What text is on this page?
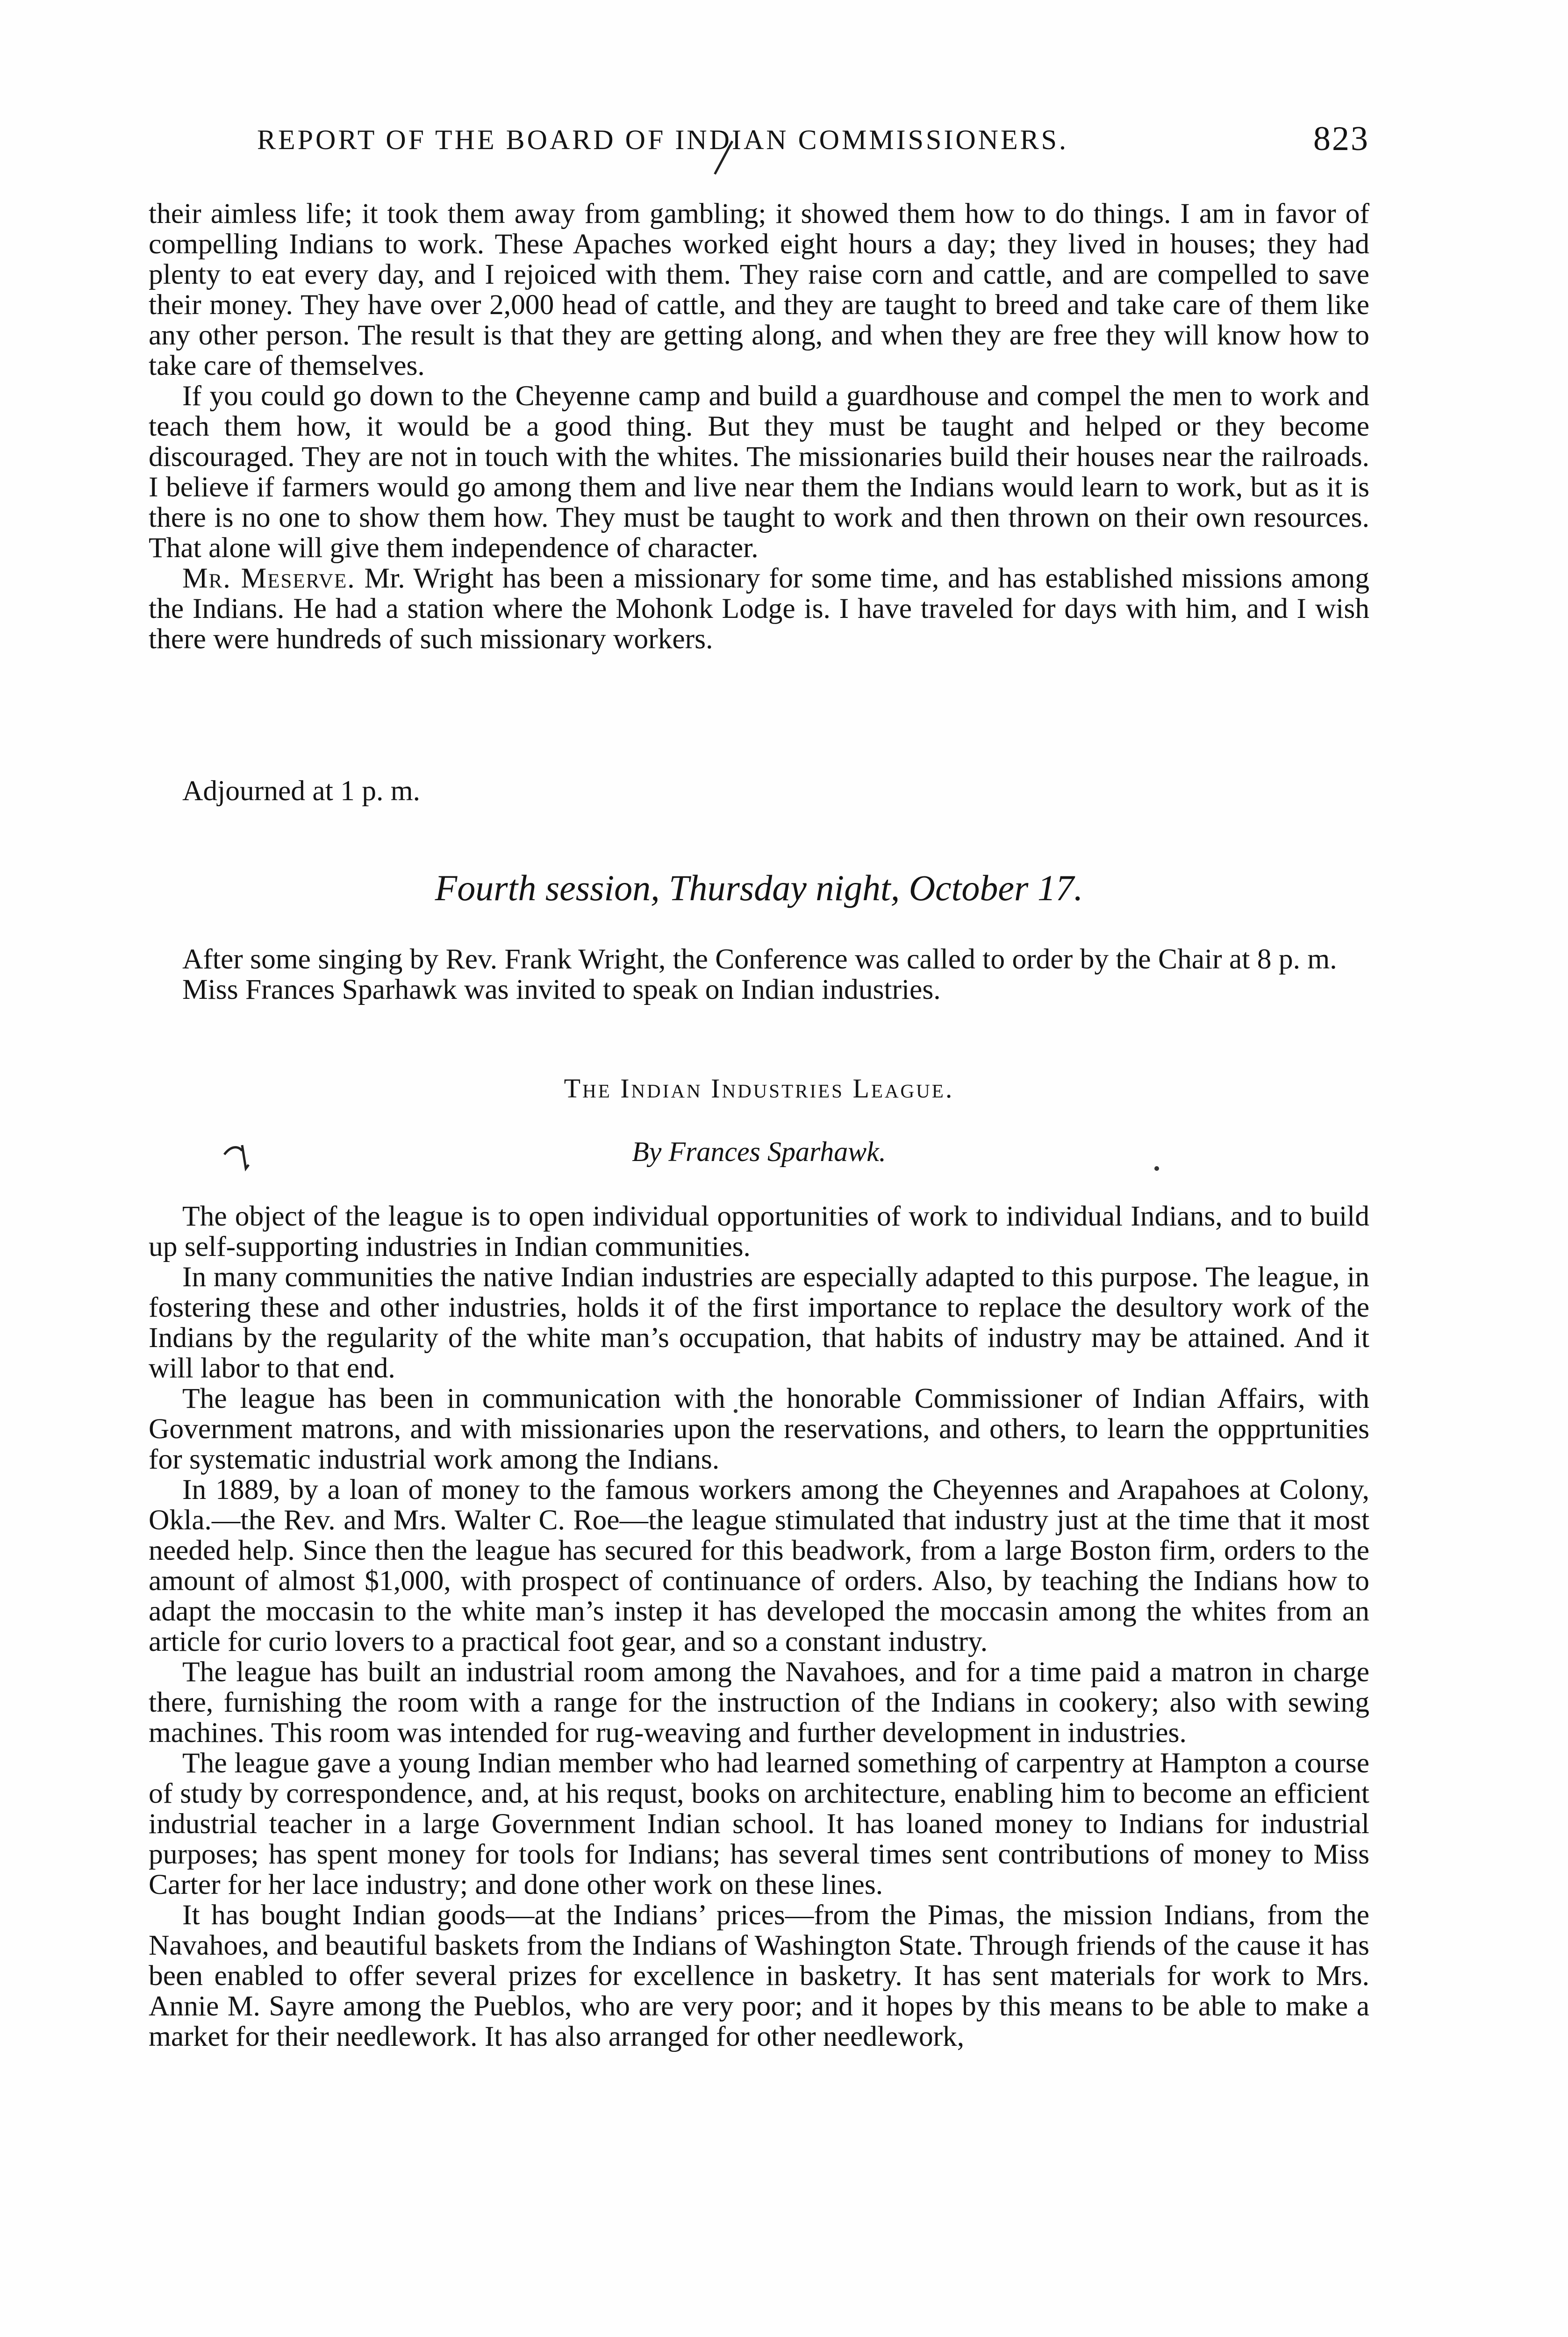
REPORT OF THE BOARD OF INDIAN COMMISSIONERS.	823

their aimless life; it took them away from gambling; it showed them how to do things. I am in favor of compelling Indians to work. These Apaches worked eight hours a day; they lived in houses; they had plenty to eat every day, and I rejoiced with them. They raise corn and cattle, and are compelled to save their money. They have over 2,000 head of cattle, and they are taught to breed and take care of them like any other person. The result is that they are getting along, and when they are free they will know how to take care of themselves.

If you could go down to the Cheyenne camp and build a guardhouse and compel the men to work and teach them how, it would be a good thing. But they must be taught and helped or they become discouraged. They are not in touch with the whites. The missionaries build their houses near the railroads. I believe if farmers would go among them and live near them the Indians would learn to work, but as it is there is no one to show them how. They must be taught to work and then thrown on their own resources. That alone will give them independence of character.

Mr. Meserve. Mr. Wright has been a missionary for some time, and has established missions among the Indians. He had a station where the Mohonk Lodge is. I have traveled for days with him, and I wish there were hundreds of such missionary workers.

Adjourned at 1 p. m.

Fourth session, Thursday night, October 17.

After some singing by Rev. Frank Wright, the Conference was called to order by the Chair at 8 p. m.

Miss Frances Sparhawk was invited to speak on Indian industries.

The Indian Industries League.
By Frances Sparhawk.

The object of the league is to open individual opportunities of work to individual Indians, and to build up self-supporting industries in Indian communities.

In many communities the native Indian industries are especially adapted to this purpose. The league, in fostering these and other industries, holds it of the first importance to replace the desultory work of the Indians by the regularity of the white man’s occupation, that habits of industry may be attained. And it will labor to that end.

The league has been in communication with the honorable Commissioner of Indian Affairs, with Government matrons, and with missionaries upon the reservations, and others, to learn the oppprtunities for systematic industrial work among the Indians.

In 1889, by a loan of money to the famous workers among the Cheyennes and Arapahoes at Colony, Okla.—the Rev. and Mrs. Walter C. Roe—the league stimulated that industry just at the time that it most needed help. Since then the league has secured for this beadwork, from a large Boston firm, orders to the amount of almost $1,000, with prospect of continuance of orders. Also, by teaching the Indians how to adapt the moccasin to the white man’s instep it has developed the moccasin among the whites from an article for curio lovers to a practical foot gear, and so a constant industry.

The league has built an industrial room among the Navahoes, and for a time paid a matron in charge there, furnishing the room with a range for the instruction of the Indians in cookery; also with sewing machines. This room was intended for rug-weaving and further development in industries.

The league gave a young Indian member who had learned something of carpentry at Hampton a course of study by correspondence, and, at his requst, books on architecture, enabling him to become an efficient industrial teacher in a large Government Indian school. It has loaned money to Indians for industrial purposes; has spent money for tools for Indians; has several times sent contributions of money to Miss Carter for her lace industry; and done other work on these lines.

It has bought Indian goods—at the Indians’ prices—from the Pimas, the mission Indians, from the Navahoes, and beautiful baskets from the Indians of Washington State. Through friends of the cause it has been enabled to offer several prizes for excellence in basketry. It has sent materials for work to Mrs. Annie M. Sayre among the Pueblos, who are very poor; and it hopes by this means to be able to make a market for their needlework. It has also arranged for other needlework,
